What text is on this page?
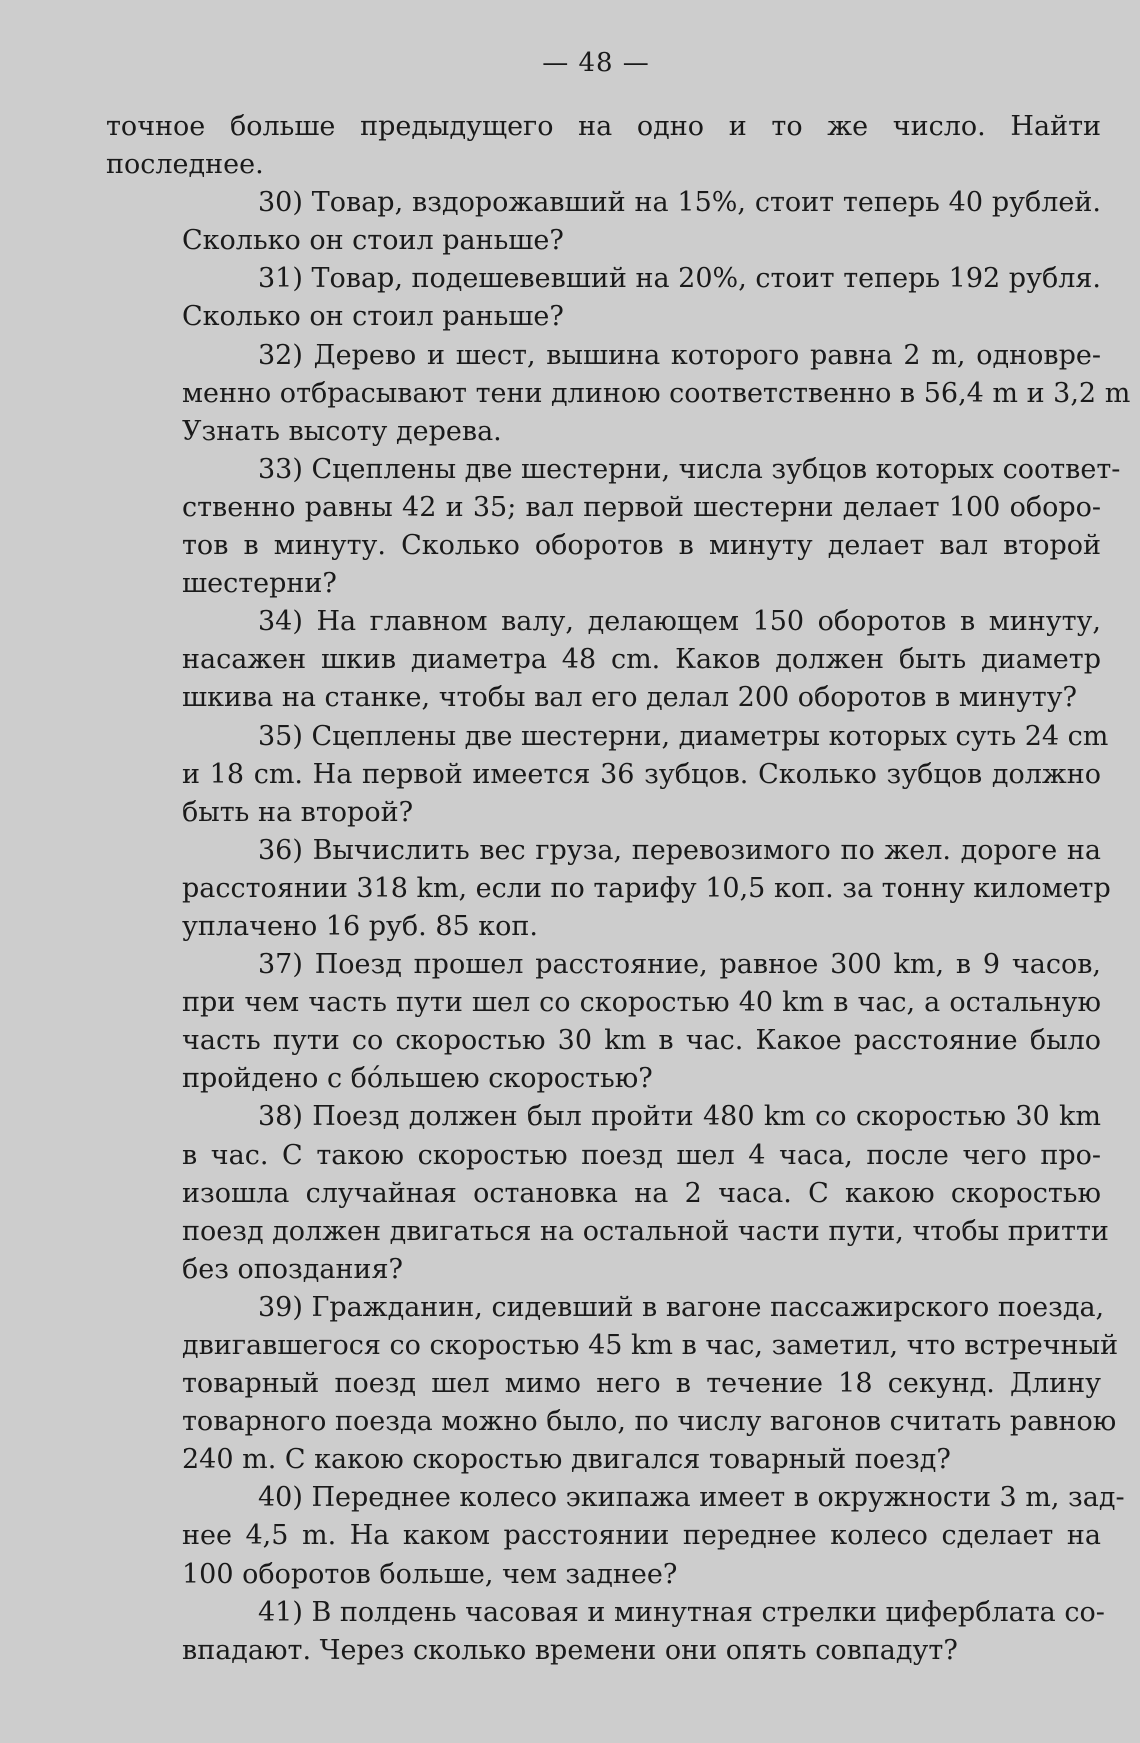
— 48 —
точное больше предыдущего на одно и то же число. Найти
последнее.
30) Товар, вздорожавший на 15%, стоит теперь 40 рублей.
Сколько он стоил раньше?
31) Товар, подешевевший на 20%, стоит теперь 192 рубля.
Сколько он стоил раньше?
32) Дерево и шест, вышина которого равна 2 m, одновре-
менно отбрасывают тени длиною соответственно в 56,4 m и 3,2 m
Узнать высоту дерева.
33) Сцеплены две шестерни, числа зубцов которых соответ-
ственно равны 42 и 35; вал первой шестерни делает 100 оборо-
тов в минуту. Сколько оборотов в минуту делает вал второй
шестерни?
34) На главном валу, делающем 150 оборотов в минуту,
насажен шкив диаметра 48 cm. Каков должен быть диаметр
шкива на станке, чтобы вал его делал 200 оборотов в минуту?
35) Сцеплены две шестерни, диаметры которых суть 24 cm
и 18 cm. На первой имеется 36 зубцов. Сколько зубцов должно
быть на второй?
36) Вычислить вес груза, перевозимого по жел. дороге на
расстоянии 318 km, если по тарифу 10,5 коп. за тонну километр
уплачено 16 руб. 85 коп.
37) Поезд прошел расстояние, равное 300 km, в 9 часов,
при чем часть пути шел со скоростью 40 km в час, а остальную
часть пути со скоростью 30 km в час. Какое расстояние было
пройдено с бóльшею скоростью?
38) Поезд должен был пройти 480 km со скоростью 30 km
в час. С такою скоростью поезд шел 4 часа, после чего про-
изошла случайная остановка на 2 часа. С какою скоростью
поезд должен двигаться на остальной части пути, чтобы притти
без опоздания?
39) Гражданин, сидевший в вагоне пассажирского поезда,
двигавшегося со скоростью 45 km в час, заметил, что встречный
товарный поезд шел мимо него в течение 18 секунд. Длину
товарного поезда можно было, по числу вагонов считать равною
240 m. С какою скоростью двигался товарный поезд?
40) Переднее колесо экипажа имеет в окружности 3 m, зад-
нее 4,5 m. На каком расстоянии переднее колесо сделает на
100 оборотов больше, чем заднее?
41) В полдень часовая и минутная стрелки циферблата со-
впадают. Через сколько времени они опять совпадут?
